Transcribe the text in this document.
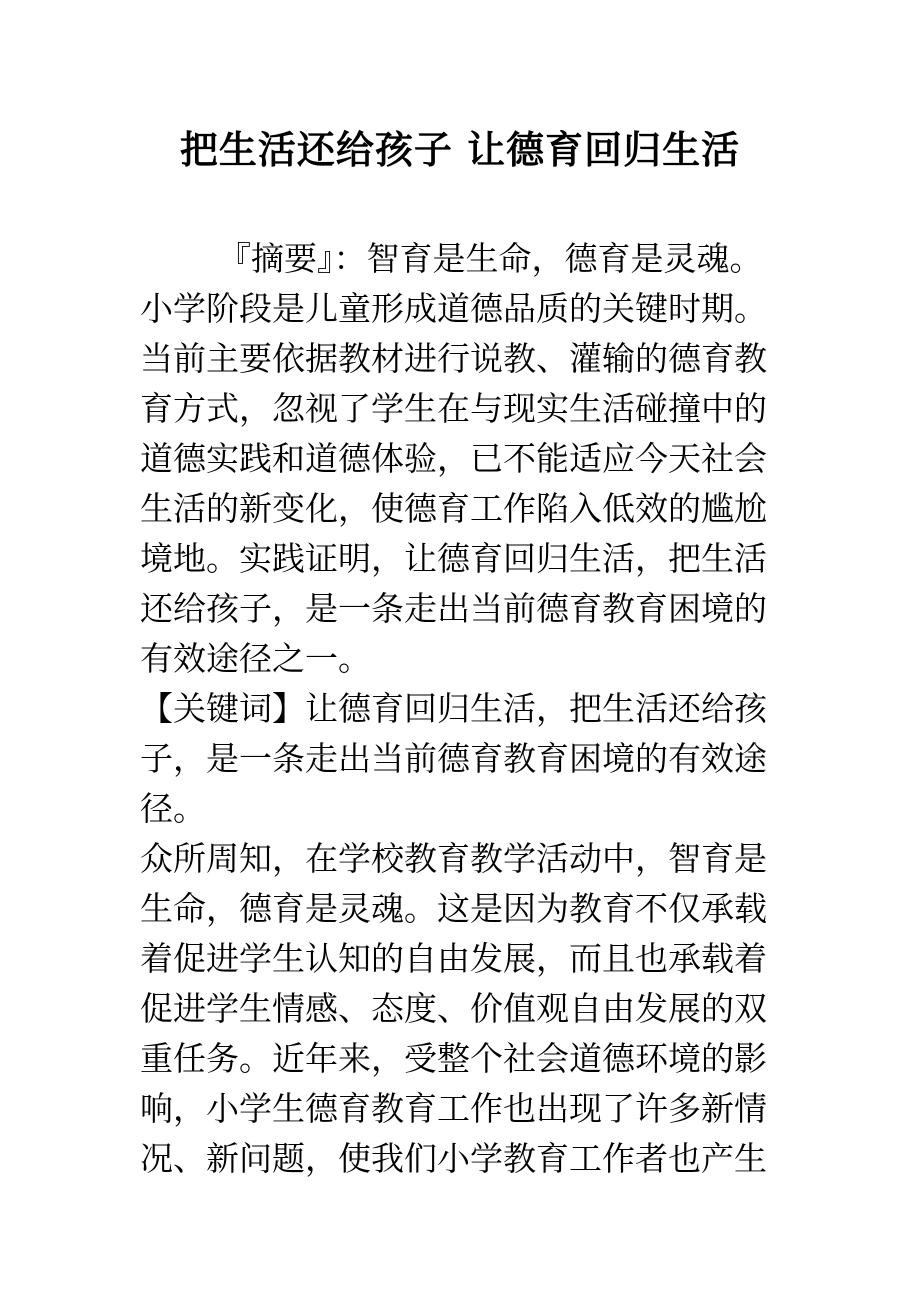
把生活还给孩子 让德育回归生活
『摘要』：智育是生命，德育是灵魂。
小学阶段是儿童形成道德品质的关键时期。
当前主要依据教材进行说教、灌输的德育教
育方式，忽视了学生在与现实生活碰撞中的
道德实践和道德体验，已不能适应今天社会
生活的新变化，使德育工作陷入低效的尴尬
境地。实践证明，让德育回归生活，把生活
还给孩子，是一条走出当前德育教育困境的
有效途径之一。
【关键词】让德育回归生活，把生活还给孩
子，是一条走出当前德育教育困境的有效途
径。
众所周知，在学校教育教学活动中，智育是
生命，德育是灵魂。这是因为教育不仅承载
着促进学生认知的自由发展，而且也承载着
促进学生情感、态度、价值观自由发展的双
重任务。近年来，受整个社会道德环境的影
响，小学生德育教育工作也出现了许多新情
况、新问题，使我们小学教育工作者也产生
